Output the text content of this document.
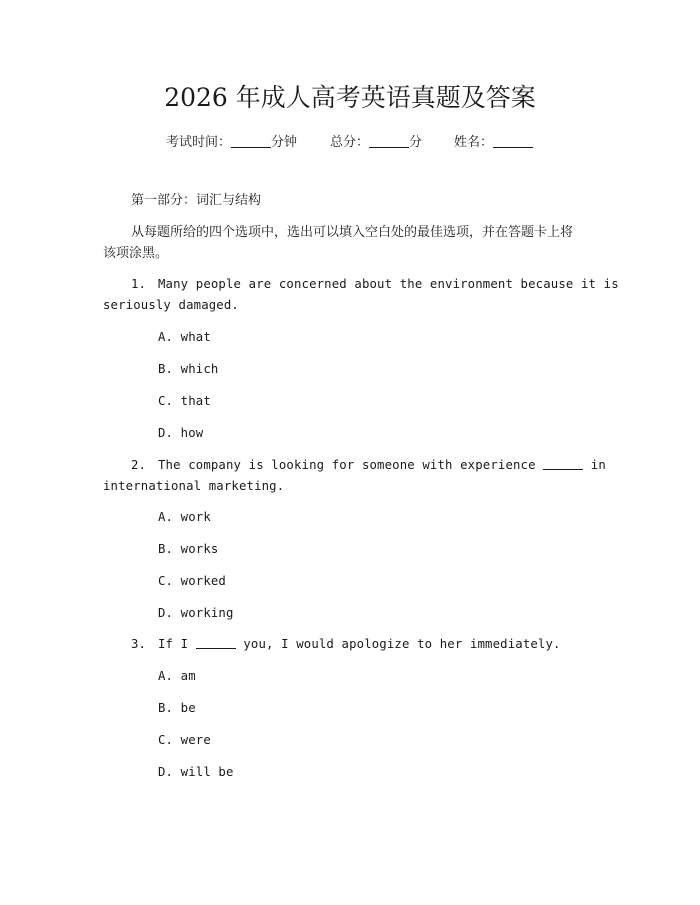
2026 年成人高考英语真题及答案
考试时间：	分钟	总分：	分 姓名：
第一部分：词汇与结构
从每题所给的四个选项中，选出可以填入空白处的最佳选项，并在答题卡上将
该项涂黑。
1. Many people are concerned about the environment because it is
seriously damaged.
A. what
B. which
C. that
D. how
2. The company is looking for someone with experience	in
international marketing.
A. work
B. works
C. worked
D. working
3. If I	you, I would apologize to her immediately.
A. am
B. be
C. were
D. will be
